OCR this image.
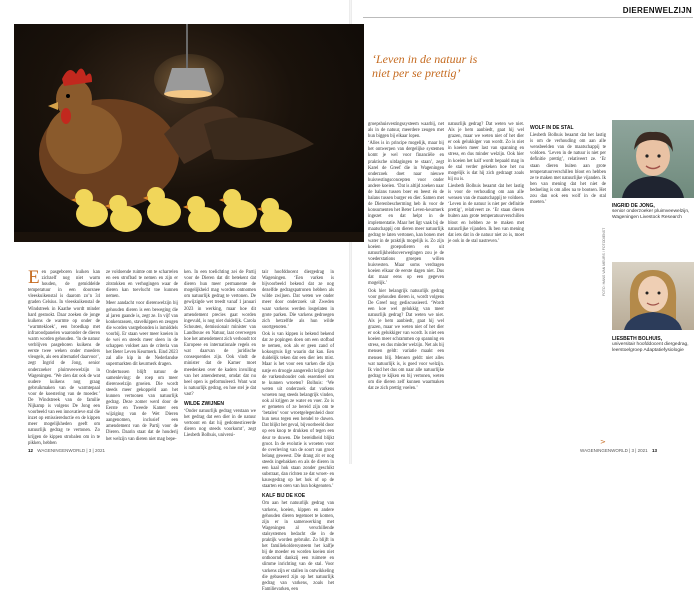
DIERENWELZIJN
‘Leven in de natuur is niet per se prettig’

Een pasgeboren kuiken kan zichzelf nog niet warm houden, de gemiddelde temperatuur in een doorsnee vleeskuikenstal is daarom zo’n 34 graden Celsius. In vleeskuikenstal de Windstreek in Kaathe wordt minder hard gestookt. Daar zoeken de jonge kuikens de warmte op onder de ‘warmtekloek’, een broedkap met infraroodpanelen waaronder de dieren warm worden gehouden. ‘In de natuur verblijven pasgeboren kuikens de eerste twee weken onder moeders vleugels, als een alternatief daarvoor’, zegt Ingrid de Jong, senior onderzoeker pluimveewelzijn in Wageningen. ‘We zien dat ook de wat oudere kuikens nog graag gebruikmaken van de warmtepaal voor de koestering van de moeder.’ De Windstreek van de familie Nijkamp is volgens De Jong een voorbeeld van een innovatieve stal die inzet op emissiereductie en de kippen meer mogelijkheden geeft om natuurlijk gedrag te vertonen. Zo krijgen de kippen strobalen om in te pikken, hebben

ze voldoende ruimte om te scharrelen en een strofbad te nemen en zijn er zitstokken en verhogingen waar de dieren kan toevlucht toe kunnen nemen.

Meer aandacht voor dierenwelzijn bij gehouden dieren is een beweging die al jaren gaande is, zegt ze. In vijf van konkenrassen, stavelkippen en zeugen die worden vastgebonden is inmiddels voorbij. Er staan weer meer koeien in de wei en steeds meer sleen in de schappen voldoet aan de criteria van het Beter Leven Keurmerk. Eind 2023 zal alle kip in de Nederlandse supermarkten dit keurmerk dragen.

Ondertussen blijft natuur de samenleving: de roep om meer dierenwelzijn groeien. Die wordt steeds meer gekoppeld aan het kunnen vertoonen van natuurlijk gedrag. Deze zomer werd door de Eerste en Tweede Kamer een wijziging van de Wet Dieren aangenomen, inclusief een amendement van de Partij voor de Dieren. Daarin staat dat de houderij het welzijn van dieren niet mag bepe-

ken. In een toelichting zei de Partij voor de Dieren dat dit betekent dat dieren hun meer permanente de mogelijkheid mag worden ontnomen om natuurlijk gedrag te vertonen. De gewijzigde wet treedt vanaf 1 januari 2023 in werking, maar hoe dit amendement precies gaat worden ingevuld, is nog niet duidelijk. Carola Schouten, demissionair minister van Landbouw en Natuur, laat overwegen hoe het amendement zich verhoudt tot Europese en internationale regels en wat daarvan de juridische consequenties zijn. Ook vindt de minister dat de Kamer moet meedenken over de kaders invulling van het amendement, omdat dat nu heel open is geformuleerd. Want wat is natuurlijk gedrag, en hoe stel je dat vast?

WILDE ZWIJNEN

‘Onder natuurlijk gedrag verstaan we het gedrag dat een dier in de natuur vertoont en dat hij gedomesticeerde dieren nog steeds voorkomt’, zegt Liesbeth Bolhuis, universi-

tair hoofddocent diergedrag in Wageningen. ‘Een varken is bijvoorbeeld bekend dat ze nog dezelfde gedragspatronen hebben als wilde zwijnen. Dat weten we onder meer door onderzoek uit Zweden waar varkens werden losgelaten in grote parken. Die varkens gedroegen zich hetzelfde als hun wilde soortgenoten.’

Ook is van kippen is bekend bekend dat ze popingen doen om een stofbad te nemen, ook als er geen zand of kokosgruis ligt waarin dat kan. Een duidelijk teken dat een dier iets mist. Maar is het voor een varken die zijn natje en droogje aangereikt krijgt door de varkenshouder ook essentieel om te kunnen wroeten? Bolhuis: ‘We weten uit onderzoek dat varkens wroeten nog steeds belangrijk vinden, ook al krijgen ze water en voer. Zo is er gemeten of ze bereid zijn om te ‘betalen’ voor wroetgelegenheid door hun neus tegen een hendel te duwen. Dat blijkt het geval, bijvoorbeeld door op een knop te drukken of tegen een deur te duwen. Die bereidheid blijkt groot. In de evolutie is wroeten voor de overleving van de soort van groot belang geweest. Die drang zit er nog steeds ingebakken en als de dieren in een kaal hok staan zonder geschikt substraat, dan richten ze dat wroet- en kauwgedrag op het hok of op de staarten en oren van hun hokgenoten.’

KALF BIJ DE KOE

Om aan het natuurlijk gedrag van varkens, koeien, kippen en andere gehouden dieren tegemoet te komen, zijn er in samenwerking met Wageningen al verschillende stalsystemen bedacht die in de praktijk worden gebruikt. Zo blijft in het familiekoldersysteem het kalfje bij de moeder en worden koeien niet onthoornd dankzij een ruimere en slimme inrichting van de stal. Voor varkens zijn er stallen in ontwikkeling die gebaseerd zijn op het natuurlijk gedrag van varkens, zoals het Familievarken, een

groepshuisvestingssysteem waarbij, net als in de natuur, meerdere zeugen met hun biggen bij elkaar lopen.

‘Alles is in principe mogelijk, maar bij het ontwerpen van dergelijke systemen komt je wel voor financiële en praktische uitdagingen te staan’, zegt Karel de Greef die in Wageningen onderzoek doet naar nieuwe huisvestingsconcepten voor onder andere koeien. ‘Dat is altijd zoeken naar de balans tussen boer en beest én de balans tussen burger en dier. Samen met de Dierenbescherming heb ik voor de konsumenten het Beter Leven-keurmerk ingezet en dat helpt in de implementatie. Maar het ligt vaak bij de maatschappij om dieren meer natuurlijk gedrag te laten vertonen, kan bonen met water in de praktijk mogelijk is. Zo zijn koeien groepsdieren en uit natuurlijkheidsoverwegingen zou je de voederstations groepen willen huisvesten. Maar soms verdragen koeien elkaar de eerste dagen niet. Dus dat maar eens op een gegeven mogelijk.’

Ook hier belangrijk natuurlijk gedrag voor gehouden dieren is, wordt volgens De Greef nog gediscussieerd. ‘Wordt een koe wel gelukkig van meer natuurlijk gedrag? Dat weten we niet. Als je hem aanbiedt, gaat hij wel grazen, maar we weten niet of het dier er ook gelukkiger van wordt. Is niet een koeien meer schrammen op spanning en stress, en dus minder welzijn. Net als bij mensen geldt: variatie maakt een mensen blij. Mensen geldt: niet alles wat natuurlijk is, is goed voor welzijn. Ik vind het dus om naar alle natuurlijke gedrag te kijken en bij vertonen, weten om die dieren zelf kunnen waarmaken dat ze zich prettig voelen.’

natuurlijk gedrag? Dat weten we niet. Als je hem aanbiedt, gaat hij wel grazen, maar we weten niet of het dier er ook gelukkiger van wordt. Zo is niet in koeien meer last van spanning en stress, en dus minder welzijn. Ook hier in koeien het kalf wordt bepaald mag in de stal verder gekeken hoe het nu mogelijk is dat hij zich gedraagt zoals hij nu is.

Liesbeth Bolhuis beaamt dat het lastig is voor de verhouding om aan alle wensen van de maatschappij te voldoen. ‘Leven in de natuur is niet per definitie prettig’, relativeert ze. ‘Er staan dieren buiten aan grote temperatuurverschillen bloot en hebben ze te maken met natuurlijke vijanden. Ik ben van mening dat iets dat in de natuur niet zo is, moet je ook in de stal nastreven.’

WOLF IN DE STAL

Liesbeth Bolhuis beaamt dat het lastig is om de verhouding om aan alle wensbeelden van de maatschappij te voldoen. ‘Leven in de natuur is niet per definitie prettig’, relativeert ze. ‘Er staan dieren buiten aan grote temperatuurverschillen bloot en hebben ze te maken met natuurlijke vijanden. Ik ben van mening dat het niet de bedoeling is om alles na te bootsen. Het zou dan ook een wolf in de stal moeten.’

INGRID DE JONG,
senior onderzoeker pluimveewelzijn, Wageningen Livestock Research
LIESBETH BOLHUIS,
universitair hoofddocent diergedrag, leerstoelgroep Adaptatiefysiologie
FOTO: HANS VAN MEURS / FOTODIENST
>
12 WAGENINGENWORLD | 3 | 2021	WAGENINGENWORLD | 3 | 2021 13
